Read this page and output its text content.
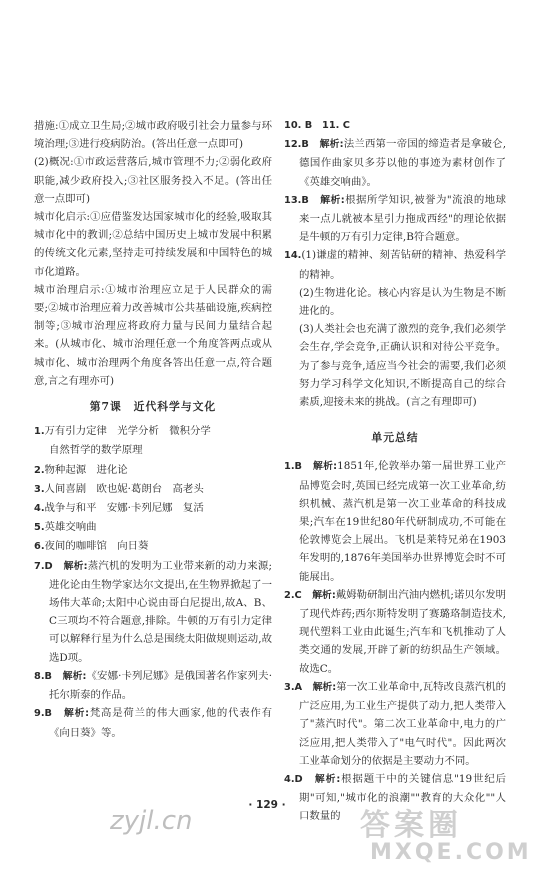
措施:①成立卫生局;②城市政府吸引社会力量参与环境治理;③进行疫病防治。(答出任意一点即可)

(2)概况:①市政运营落后,城市管理不力;②弱化政府职能,减少政府投入;③社区服务投入不足。(答出任意一点即可)

城市化启示:①应借鉴发达国家城市化的经验,吸取其城市化中的教训;②总结中国历史上城市发展中积累的传统文化元素,坚持走可持续发展和中国特色的城市化道路。

城市治理启示:①城市治理应立足于人民群众的需要;②城市治理应着力改善城市公共基础设施,疾病控制等;③城市治理应将政府力量与民间力量结合起来。(从城市化、城市治理任意一个角度答两点或从城市化、城市治理两个角度各答出任意一点,符合题意,言之有理亦可)

第7课　近代科学与文化

1.万有引力定律　光学分析　微积分学

自然哲学的数学原理

2.物种起源　进化论

3.人间喜剧　欧也妮·葛朗台　高老头

4.战争与和平　安娜·卡列尼娜　复活

5.英雄交响曲

6.夜间的咖啡馆　向日葵

7.D　 解析:蒸汽机的发明为工业带来新的动力来源;进化论由生物学家达尔文提出,在生物界掀起了一场伟大革命;太阳中心说由哥白尼提出,故A、B、C三项均不符合题意,排除。牛顿的万有引力定律可以解释行星为什么总是围绕太阳做规则运动,故选D项。

8.B　 解析:《安娜·卡列尼娜》是俄国著名作家列夫·托尔斯泰的作品。

9.B　 解析:梵高是荷兰的伟大画家,他的代表作有《向日葵》等。

10. B　11. C

12.B　 解析:法兰西第一帝国的缔造者是拿破仑,德国作曲家贝多芬以他的事迹为素材创作了《英雄交响曲》。

13.B　 解析:根据所学知识,被誉为"流浪的地球来一点儿就被本星引力拖成西经"的理论依据是牛顿的万有引力定律,B符合题意。

14.(1)谦虚的精神、刻苦钻研的精神、热爱科学的精神。

(2)生物进化论。核心内容是认为生物是不断进化的。

(3)人类社会也充满了激烈的竞争,我们必须学会生存,学会竞争,正确认识和对待公平竞争。为了参与竞争,适应当今社会的需要,我们必须努力学习科学文化知识,不断提高自己的综合素质,迎接未来的挑战。(言之有理即可)

单元总结

1.B　 解析:1851年,伦敦举办第一届世界工业产品博览会时,英国已经完成第一次工业革命,纺织机械、蒸汽机是第一次工业革命的科技成果;汽车在19世纪80年代研制成功,不可能在伦敦博览会上展出。飞机是莱特兄弟在1903年发明的,1876年美国举办世界博览会时不可能展出。

2.C　 解析:戴姆勒研制出汽油内燃机;诺贝尔发明了现代炸药;西尔斯特发明了赛璐珞制造技术,现代塑料工业由此诞生;汽车和飞机推动了人类交通的发展,开辟了新的纺织品生产领域。故选C。

3.A　 解析:第一次工业革命中,瓦特改良蒸汽机的广泛应用,为工业生产提供了动力,把人类带入了"蒸汽时代"。第二次工业革命中,电力的广泛应用,把人类带入了"电气时代"。因此两次工业革命划分的依据是主要动力不同。

4.D　 解析:根据题干中的关键信息"19世纪后期"可知,"城市化的浪潮""教育的大众化""人口数量的

· 129 ·
zyjl.cn	答案圈
MXQE.COM
